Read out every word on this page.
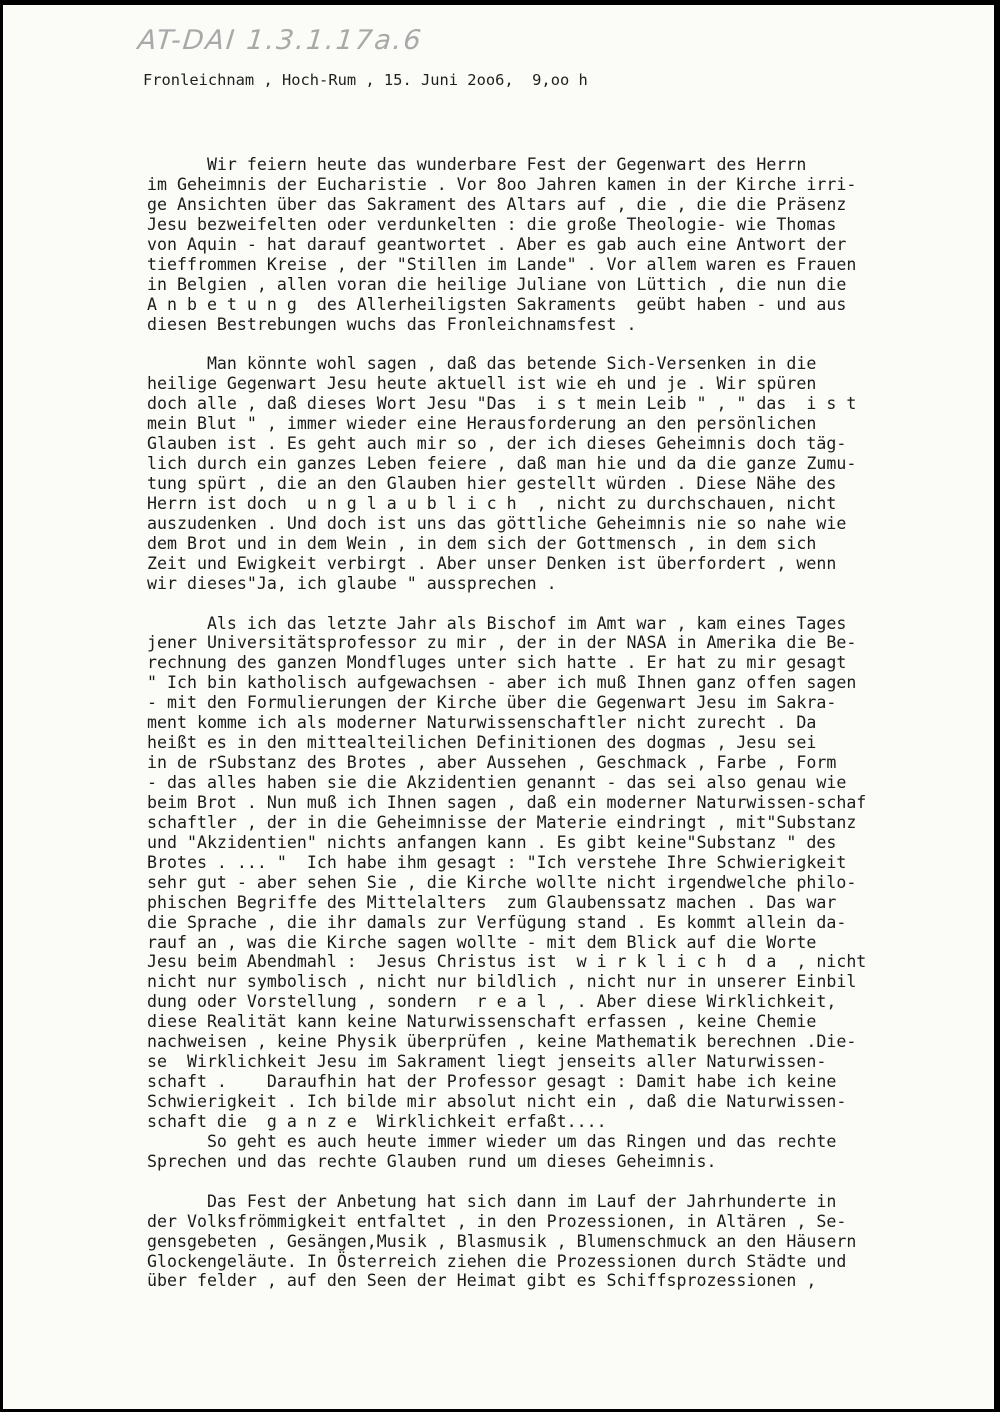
AT-DAI 1.3.1.17a.6
Fronleichnam , Hoch-Rum , 15. Juni 2oo6,  9,oo h
Wir feiern heute das wunderbare Fest der Gegenwart des Herrn
im Geheimnis der Eucharistie . Vor 8oo Jahren kamen in der Kirche irri-
ge Ansichten über das Sakrament des Altars auf , die , die die Präsenz
Jesu bezweifelten oder verdunkelten : die große Theologie- wie Thomas
von Aquin - hat darauf geantwortet . Aber es gab auch eine Antwort der
tieffrommen Kreise , der "Stillen im Lande" . Vor allem waren es Frauen
in Belgien , allen voran die heilige Juliane von Lüttich , die nun die
A n b e t u n g  des Allerheiligsten Sakraments  geübt haben - und aus
diesen Bestrebungen wuchs das Fronleichnamsfest .
Man könnte wohl sagen , daß das betende Sich-Versenken in die
heilige Gegenwart Jesu heute aktuell ist wie eh und je . Wir spüren
doch alle , daß dieses Wort Jesu "Das  i s t mein Leib " , " das  i s t
mein Blut " , immer wieder eine Herausforderung an den persönlichen
Glauben ist . Es geht auch mir so , der ich dieses Geheimnis doch täg-
lich durch ein ganzes Leben feiere , daß man hie und da die ganze Zumu-
tung spürt , die an den Glauben hier gestellt würden . Diese Nähe des
Herrn ist doch  u n g l a u b l i c h  , nicht zu durchschauen, nicht
auszudenken . Und doch ist uns das göttliche Geheimnis nie so nahe wie
dem Brot und in dem Wein , in dem sich der Gottmensch , in dem sich
Zeit und Ewigkeit verbirgt . Aber unser Denken ist überfordert , wenn
wir dieses"Ja, ich glaube " aussprechen .
Als ich das letzte Jahr als Bischof im Amt war , kam eines Tages
jener Universitätsprofessor zu mir , der in der NASA in Amerika die Be-
rechnung des ganzen Mondfluges unter sich hatte . Er hat zu mir gesagt
" Ich bin katholisch aufgewachsen - aber ich muß Ihnen ganz offen sagen
- mit den Formulierungen der Kirche über die Gegenwart Jesu im Sakra-
ment komme ich als moderner Naturwissenschaftler nicht zurecht . Da
heißt es in den mittealteilichen Definitionen des dogmas , Jesu sei
in de rSubstanz des Brotes , aber Aussehen , Geschmack , Farbe , Form
- das alles haben sie die Akzidentien genannt - das sei also genau wie
beim Brot . Nun muß ich Ihnen sagen , daß ein moderner Naturwissen-schaf
schaftler , der in die Geheimnisse der Materie eindringt , mit"Substanz
und "Akzidentien" nichts anfangen kann . Es gibt keine"Substanz " des
Brotes . ... "  Ich habe ihm gesagt : "Ich verstehe Ihre Schwierigkeit
sehr gut - aber sehen Sie , die Kirche wollte nicht irgendwelche philo-
phischen Begriffe des Mittelalters  zum Glaubenssatz machen . Das war
die Sprache , die ihr damals zur Verfügung stand . Es kommt allein da-
rauf an , was die Kirche sagen wollte - mit dem Blick auf die Worte
Jesu beim Abendmahl :  Jesus Christus ist  w i r k l i c h  d a  , nicht
nicht nur symbolisch , nicht nur bildlich , nicht nur in unserer Einbil
dung oder Vorstellung , sondern  r e a l , . Aber diese Wirklichkeit,
diese Realität kann keine Naturwissenschaft erfassen , keine Chemie
nachweisen , keine Physik überprüfen , keine Mathematik berechnen .Die-
se  Wirklichkeit Jesu im Sakrament liegt jenseits aller Naturwissen-
schaft .    Daraufhin hat der Professor gesagt : Damit habe ich keine
Schwierigkeit . Ich bilde mir absolut nicht ein , daß die Naturwissen-
schaft die  g a n z e  Wirklichkeit erfaßt....
So geht es auch heute immer wieder um das Ringen und das rechte
Sprechen und das rechte Glauben rund um dieses Geheimnis.
Das Fest der Anbetung hat sich dann im Lauf der Jahrhunderte in
der Volksfrömmigkeit entfaltet , in den Prozessionen, in Altären , Se-
gensgebeten , Gesängen,Musik , Blasmusik , Blumenschmuck an den Häusern
Glockengeläute. In Österreich ziehen die Prozessionen durch Städte und
über felder , auf den Seen der Heimat gibt es Schiffsprozessionen ,
